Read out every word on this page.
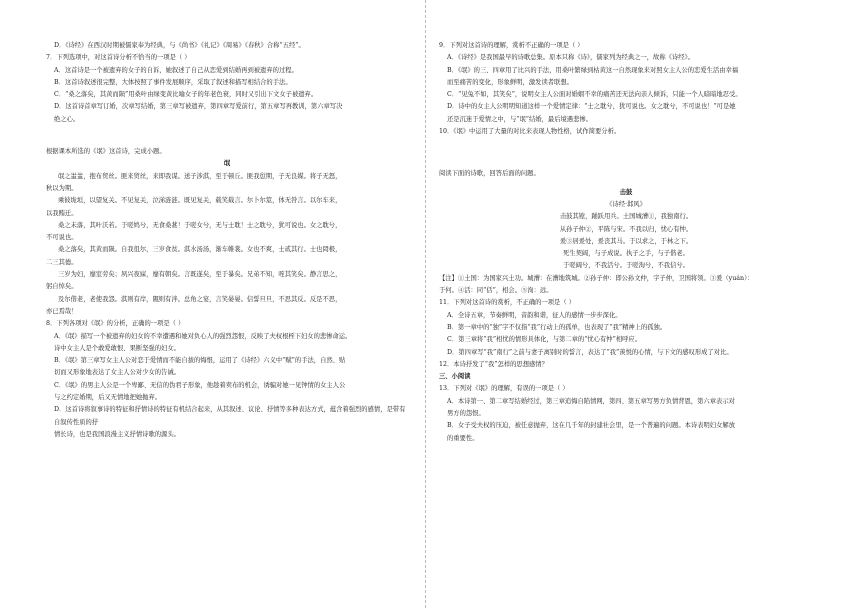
D．《诗经》在西汉时期被儒家奉为经典，与《尚书》《礼记》《周易》《春秋》合称“五经”。

7．下列选项中，对这首诗分析不恰当的一项是（ ）

A．这首诗是一个被遗弃的女子的自诉，她叙述了自己从恋爱到结婚再到被遗弃的过程。

B．这首诗叙述很完整，大体按照了事件发展顺序，采取了叙述和描写相结合的手法。

C．“桑之落矣，其黄而陨”用桑叶由绿变黄比喻女子的年老色衰，同时又引出下文女子被遗弃。

D．这首诗首章写订婚，次章写结婚，第三章写被遗弃，第四章写爱前行，第五章写再教训，第六章写决

绝之心。

根据课本所选的《氓》这首诗，完成小题。

氓

氓之蚩蚩，抱布贸丝。匪来贸丝，来即我谋。送子涉淇，至于顿丘。匪我愆期，子无良媒。将子无怒，

秋以为期。

乘彼垝垣，以望复关。不见复关，泣涕涟涟。既见复关，载笑载言。尔卜尔筮，体无咎言。以尔车来，

以我贿迁。

桑之未落，其叶沃若。于嗟鸠兮，无食桑葚！于嗟女兮，无与士耽！士之耽兮，犹可说也。女之耽兮，

不可说也。

桑之落矣，其黄而陨。自我徂尔，三岁食贫。淇水汤汤，渐车帷裳。女也不爽，士贰其行。士也罔极，

二三其德。

三岁为妇，靡室劳矣；夙兴夜寐，靡有朝矣。言既遂矣，至于暴矣。兄弟不知，咥其笑矣。静言思之，

躬自悼矣。

及尔偕老，老使我怨。淇则有岸，隰则有泮。总角之宴，言笑晏晏。信誓旦旦，不思其反。反是不思，

亦已焉哉！

8．下列各项对《氓》的分析，正确的一项是（ ）

A．《氓》描写一个被遗弃的妇女的不幸遭遇和她对负心人的强烈怨恨，反映了夫权根桎下妇女的悲惨命运。

诗中女主人是个敢爱敢恨、果断坚强的妇女。

B．《氓》第三章写女主人公对恋于爱情而不能自拔的悔恨，运用了《诗经》六义中“赋”的手法，自然、贴

切而又形象地表达了女主人公对少女的告诫。

C．《氓》的男主人公是一个卑鄙、无信的伪君子形象，他趁着卖布的机会，诱骗对她一见钟情的女主人公

与之约定婚期，后又无情地把她抛弃。

D．这首诗将叙事诗的特征和抒情诗的特征有机结合起来，从其叙述、议论、抒情等多种表达方式，蕴含着强烈的感情，是带有自叙传性质的抒

情长诗，也是我国浪漫主义抒情诗歌的源头。

9．下列对这首诗的理解，赏析不正确的一项是（ ）

A．《诗经》是我国最早的诗歌总集。原本只称《诗》，儒家列为经典之一，故称《诗经》。

B．《氓》的三、四章用了比兴的手法，用桑叶繁绿到枯黄这一自然现象来对照女主人公的恋爱生活由幸福

而至痛苦的变化，形象鲜明，激发读者联想。

C．“见兔不如，其笑矣”，说明女主人公面对婚姻不幸的痛苦还无法向亲人倾诉，只能一个人暗暗地忍受。

D．诗中的女主人公明明知道这样一个爱情定律：“士之耽兮，犹可说也。女之耽兮，不可说也！”可是她

还是沉迷于爱情之中，与“氓”结婚，最后境遇悲惨。

10．《氓》中运用了大量的对比来表现人物性格，试作简要分析。

阅读下面的诗歌，回答后面的问题。

击鼓

《诗经·邶风》

击鼓其镗，踊跃用兵。土国城漕①，我独南行。

从孙子仲②，平陈与宋。不我以归，忧心有忡。

爰③居爰处，爰丧其马。于以求之，于林之下。

死生契阔，与子成说。执子之手，与子偕老。

于嗟阔兮，不我活兮。于嗟洵兮，不我信兮。

【注】①土国：为国家兴土功。城漕：在漕地筑城。②孙子仲：即公孙文仲，字子仲，卫国将领。③爰（yuán）：

于何。④活：同“佸”，相会。⑤洵：远。

11．下列对这首诗的赏析，不正确的一项是（ ）

A．全诗五章，节奏鲜明，音韵和谐，征人的感情一步步深化。

B．第一章中的“独”字不仅指“我”行动上的孤单，也表现了“我”精神上的孤独。

C．第三章将“我”相忧的情形具体化，与第二章的“忧心有忡”相呼应。

D．第四章写“我”南行”之前与妻子离别时的誓言，表达了“我”羡悦的心情，与下文的感叹形成了对比。

12．本诗抒发了“我”怎样的思想感情？

三、小阅读

13．下列对《氓》的理解，有误的一项是（ ）

A．本诗第一、第二章写结婚经过，第三章追悔自陷情网，第四、第五章写男方负情背恩，第六章表示对

男方的怨恨。

B．女子受夫权的压迫，被任意抛弃，这在几千年的封建社会里，是一个普遍的问题。本诗表明妇女解放

的重要性。
